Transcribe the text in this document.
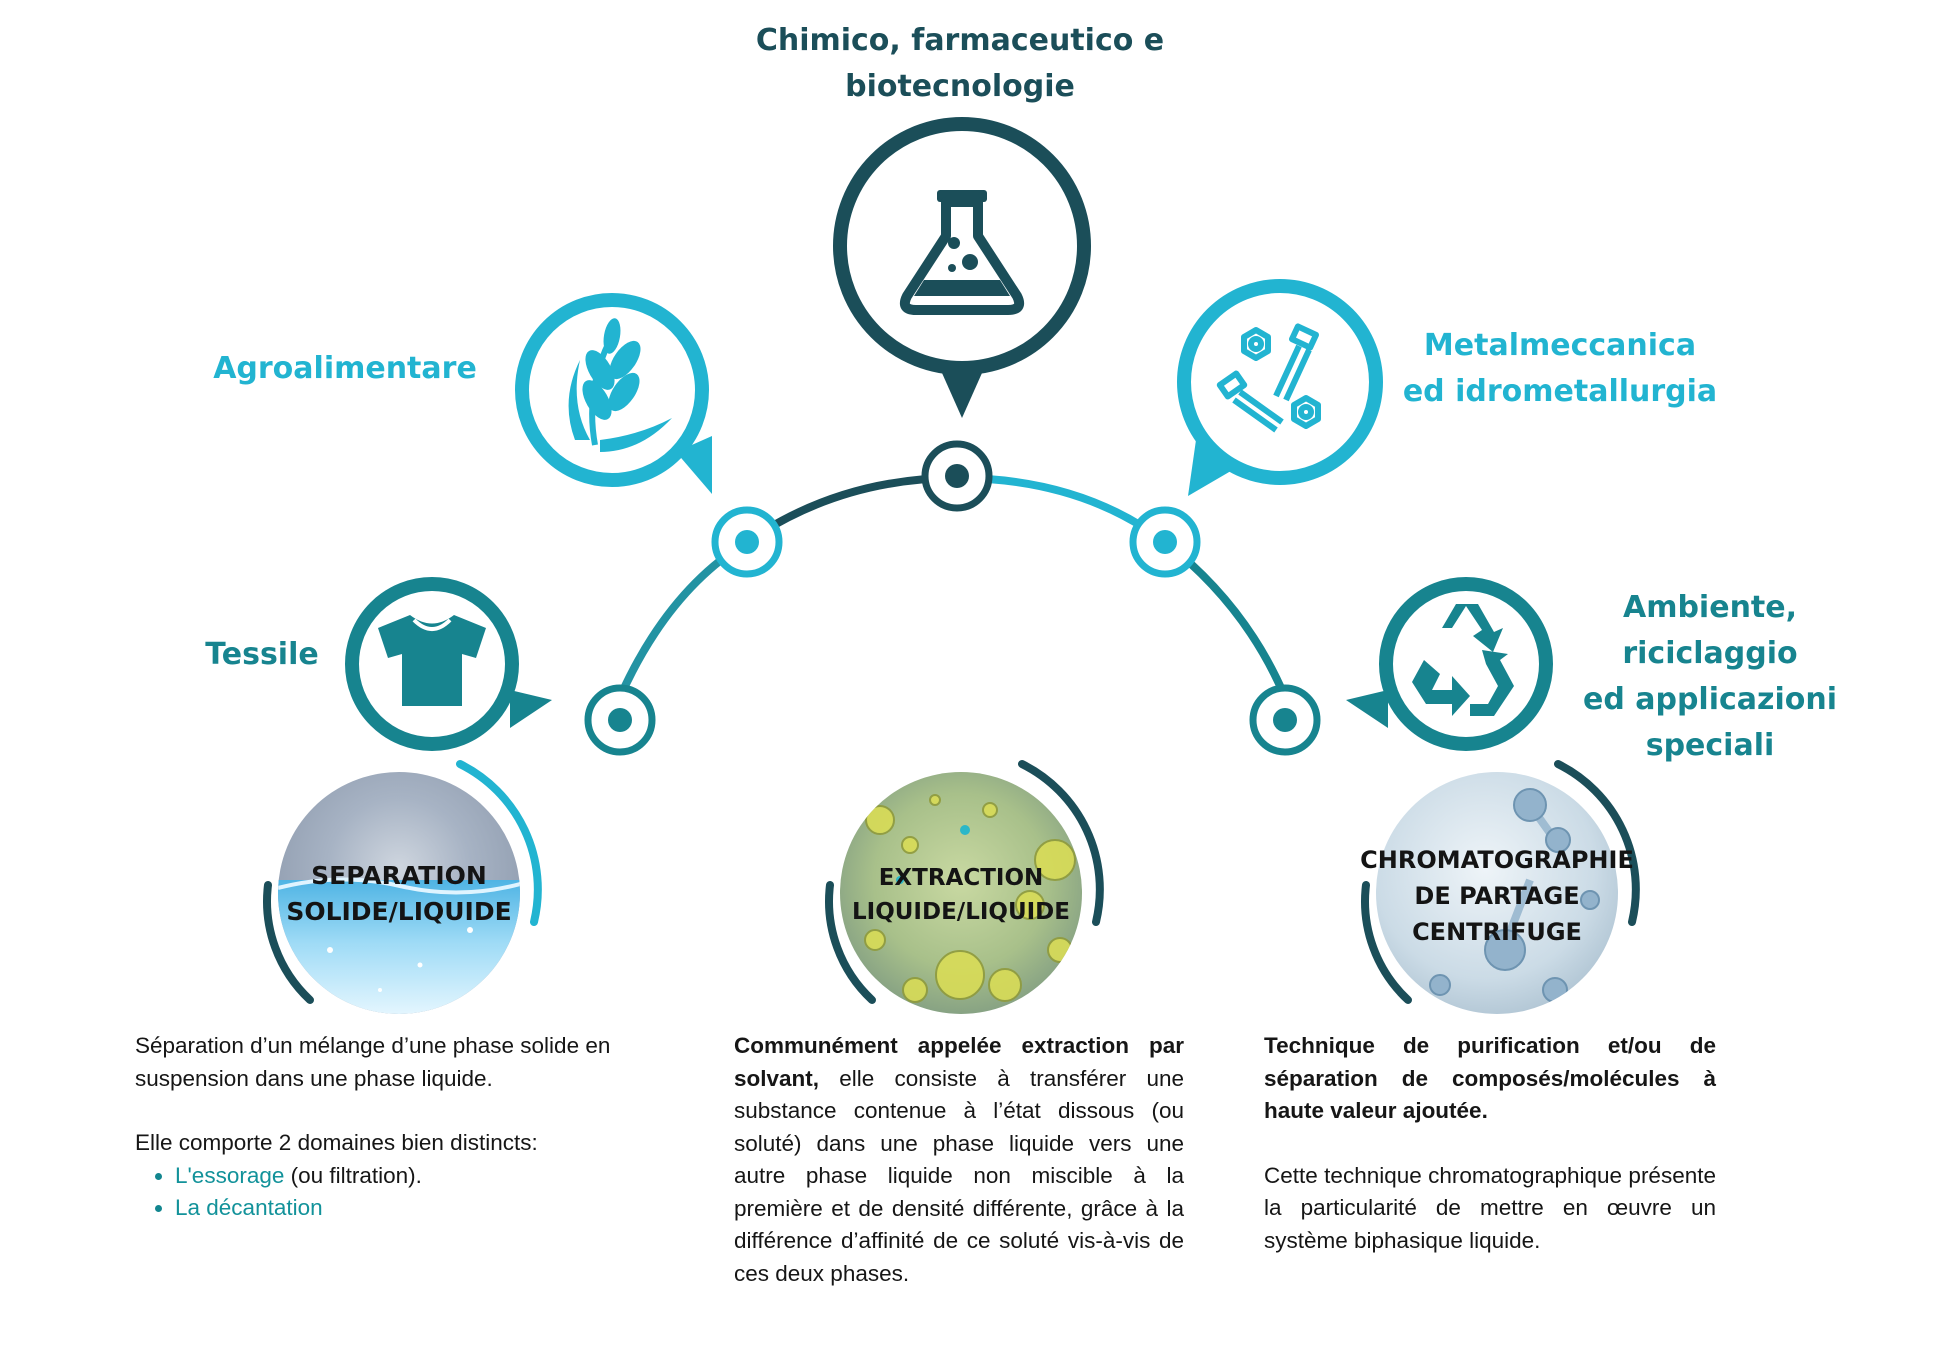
Chimico, farmaceutico e biotecnologie
Agroalimentare
Tessile
Metalmeccanica
ed idrometallurgia
Ambiente,
riciclaggio
ed applicazioni
speciali
SEPARATION
SOLIDE/LIQUIDE
EXTRACTION
LIQUIDE/LIQUIDE
CHROMATOGRAPHIE
DE PARTAGE
CENTRIFUGE

Séparation d’un mélange d’une phase solide en suspension dans une phase liquide.

Elle comporte 2 domaines bien distincts:

• L'essorage (ou filtration).
• La décantation

Communément appelée extraction par solvant, elle consiste à transférer une substance contenue à l’état dissous (ou soluté) dans une phase liquide vers une autre phase liquide non miscible à la première et de densité différente, grâce à la différence d’affinité de ce soluté vis-à-vis de ces deux phases.

Technique de purification et/ou de séparation de composés/molécules à haute valeur ajoutée.

Cette technique chromatographique présente la particularité de mettre en œuvre un système biphasique liquide.
